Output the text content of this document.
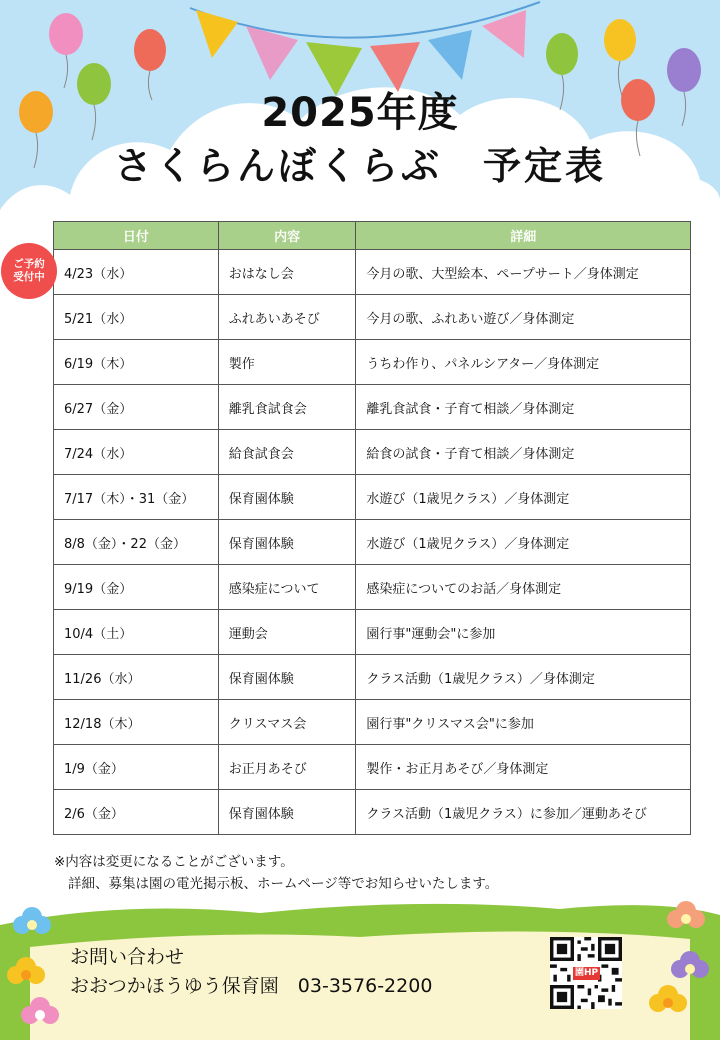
2025年度
さくらんぼくらぶ　予定表
ご予約
受付中
日付	内容	詳細
4/23（水）	おはなし会	今月の歌、大型絵本、ペープサート／身体測定
5/21（水）	ふれあいあそび	今月の歌、ふれあい遊び／身体測定
6/19（木）	製作	うちわ作り、パネルシアター／身体測定
6/27（金）	離乳食試食会	離乳食試食・子育て相談／身体測定
7/24（水）	給食試食会	給食の試食・子育て相談／身体測定
7/17（木）・31（金）	保育園体験	水遊び（1歳児クラス）／身体測定
8/8（金）・22（金）	保育園体験	水遊び（1歳児クラス）／身体測定
9/19（金）	感染症について	感染症についてのお話／身体測定
10/4（土）	運動会	園行事"運動会"に参加
11/26（水）	保育園体験	クラス活動（1歳児クラス）／身体測定
12/18（木）	クリスマス会	園行事"クリスマス会"に参加
1/9（金）	お正月あそび	製作・お正月あそび／身体測定
2/6（金）	保育園体験	クラス活動（1歳児クラス）に参加／運動あそび
※内容は変更になることがございます。
詳細、募集は園の電光掲示板、ホームページ等でお知らせいたします。
お問い合わせ
おおつかほうゆう保育園　03-3576-2200
園HP
